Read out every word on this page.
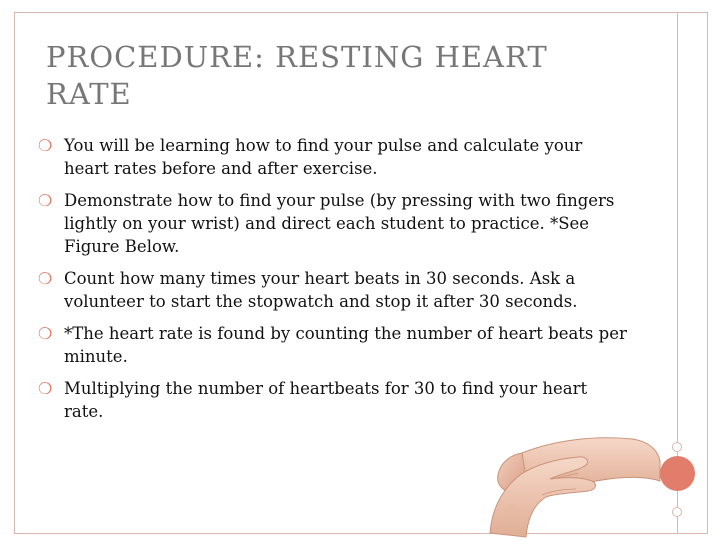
PROCEDURE: RESTING HEART RATE
❍ You will be learning how to find your pulse and calculate your heart rates before and after exercise.
❍ Demonstrate how to find your pulse (by pressing with two fingers lightly on your wrist) and direct each student to practice. *See Figure Below.
❍ Count how many times your heart beats in 30 seconds. Ask a volunteer to start the stopwatch and stop it after 30 seconds.
❍ *The heart rate is found by counting the number of heart beats per minute.
❍ Multiplying the number of heartbeats for 30 to find your heart rate.
